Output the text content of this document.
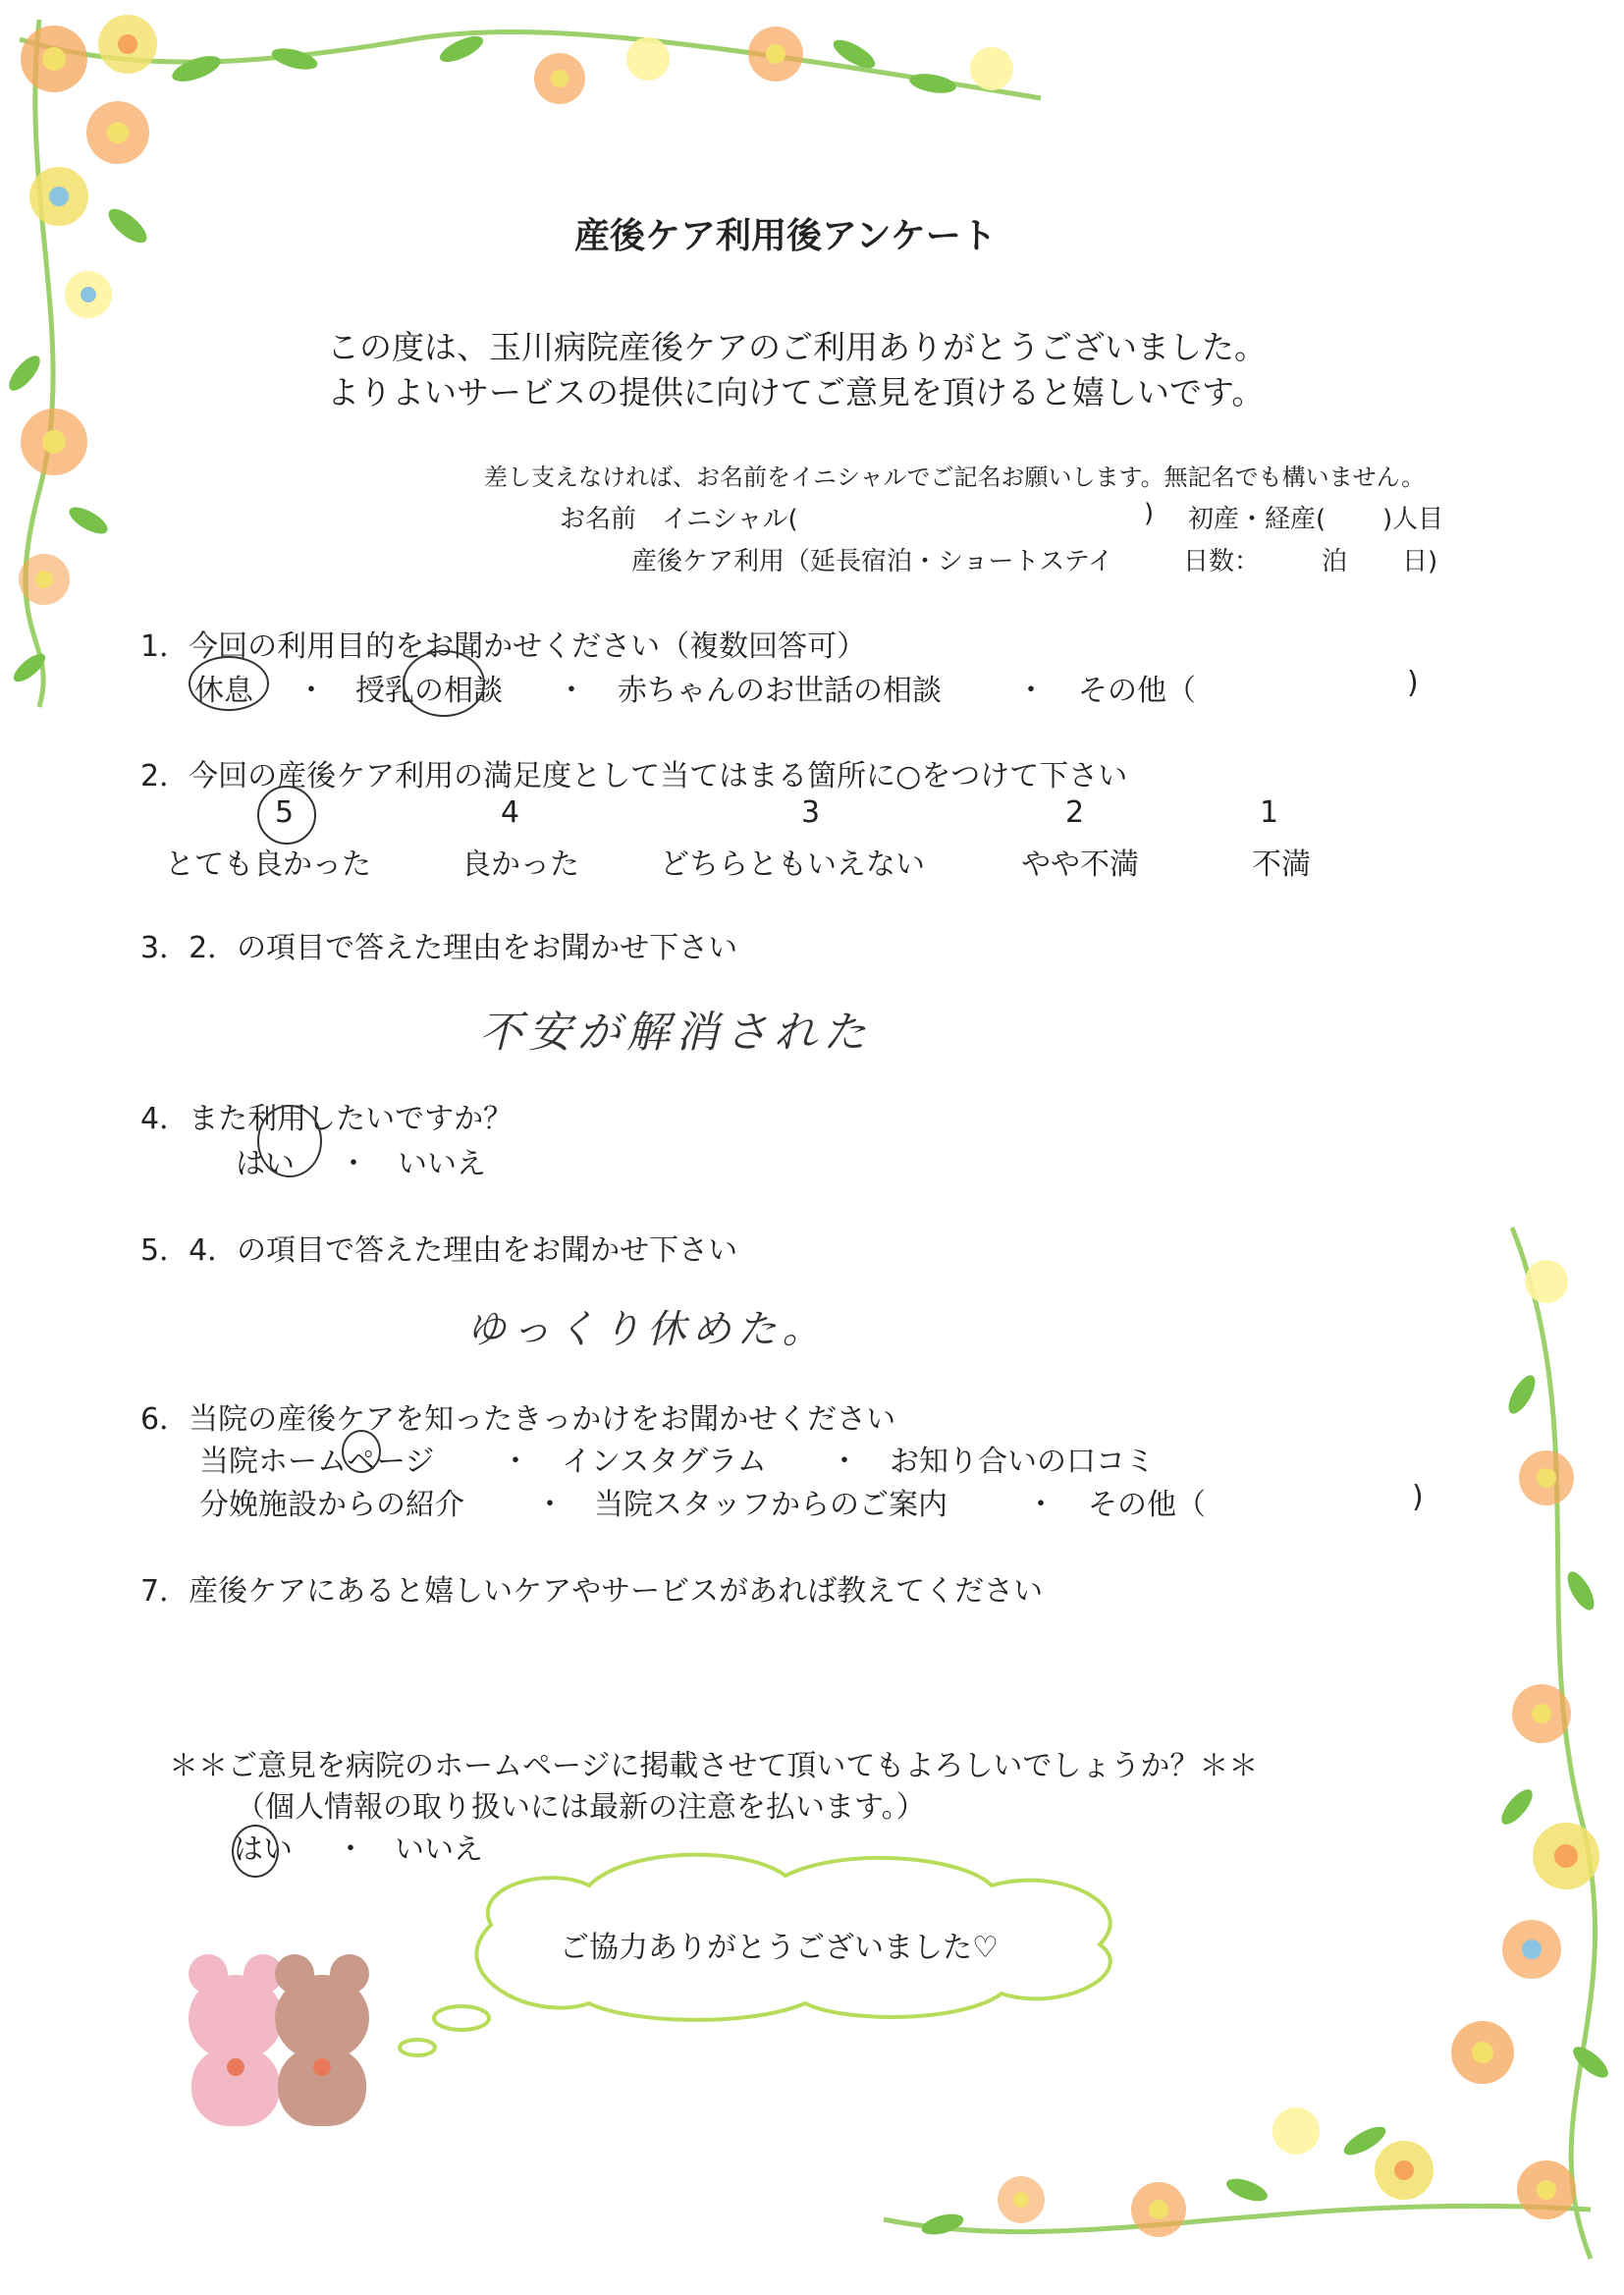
産後ケア利用後アンケート
この度は、玉川病院産後ケアのご利用ありがとうございました。
よりよいサービスの提供に向けてご意見を頂けると嬉しいです。
差し支えなければ、お名前をイニシャルでご記名お願いします。無記名でも構いません。
お名前　イニシャル(	) 初産・経産( )人目
産後ケア利用（延長宿泊・ショートステイ	日数： 泊 日)
1．今回の利用目的をお聞かせください（複数回答可）
休息 ・ 授乳の相談 ・ 赤ちゃんのお世話の相談	・ その他（	)
2．今回の産後ケア利用の満足度として当てはまる箇所に○をつけて下さい
5	4	3	2	1
とても良かった	良かった	どちらともいえない	やや不満	不満
3．2．の項目で答えた理由をお聞かせ下さい
不安が解消された
4．また利用したいですか？
はい ・ いいえ
5．4．の項目で答えた理由をお聞かせ下さい
ゆっくり休めた。
6．当院の産後ケアを知ったきっかけをお聞かせください
当院ホームページ ・ インスタグラム ・ お知り合いの口コミ
分娩施設からの紹介 ・ 当院スタッフからのご案内	・ その他（	)
7．産後ケアにあると嬉しいケアやサービスがあれば教えてください
＊＊ご意見を病院のホームページに掲載させて頂いてもよろしいでしょうか？＊＊
（個人情報の取り扱いには最新の注意を払います。）
はい ・ いいえ
ご協力ありがとうございました♡
